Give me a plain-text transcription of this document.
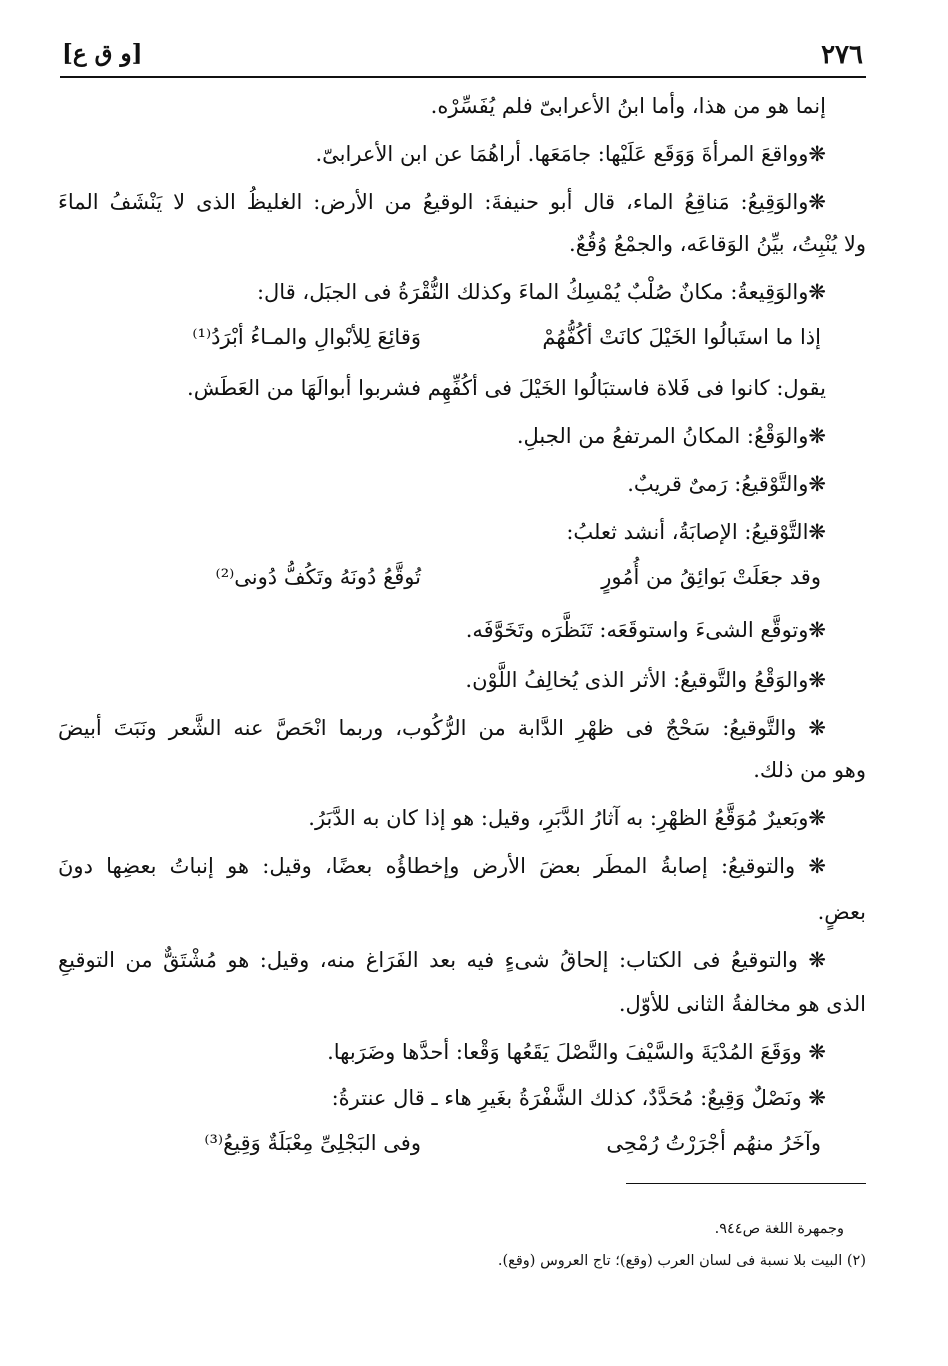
٢٧٦
[و ق ع]
إنما هو من هذا، وأما ابنُ الأعرابىّ فلم يُفَسِّرْه.
❋وواقعَ المرأةَ وَوَقَع عَلَيْها: جامَعَها. أراهُمَا عن ابن الأعرابىّ.
❋والوَقِيعُ: مَناقِعُ الماء، قال أبو حنيفةَ: الوقيعُ من الأرض: الغليظُ الذى لا يَنْشَفُ الماءَ
ولا يُنْبِتُ، بيِّنُ الوَقاعَه، والجمْعُ وُقُعٌ.
❋والوَقِيعةُ: مكانٌ صُلْبٌ يُمْسِكُ الماءَ وكذلك النُّقْرَةُ فى الجبَل، قال:
إذا ما استَبالُوا الخَيْلَ كانَتْ أكُفُّهُمْ
وَقائِعَ لِلأبْوالِ والمـاءُ أبْرَدُ⁽¹⁾
يقول: كانوا فى فَلاة فاستبَالُوا الخَيْلَ فى أكُفِّهِم فشربوا أبوالَهَا من العَطَش.
❋والوَقْعُ: المكانُ المرتفعُ من الجبلِ.
❋والتَّوْقيعُ: رَمىٌ قريبٌ.
❋التَّوْقيعُ: الإصابَةُ، أنشد ثعلبُ:
وقد جعَلَتْ بَوائِقُ من أُمُورٍ
تُوقَّعُ دُونَهُ وتَكُفُّ دُونى⁽²⁾
❋وتوقَّع الشىءَ واستوقَعَه: تَنَظَّرَه وتَخَوَّفَه.
❋والوَقْعُ والتَّوقيعُ: الأثر الذى يُخالِفُ اللَّوْن.
❋ والتَّوقيعُ: سَحْجٌ فى ظهْرِ الدَّابة من الرُّكُوب، وربما انْحَصَّ عنه الشَّعر ونَبَتَ أبيضَ
وهو من ذلك.
❋وبَعيرٌ مُوَقَّعُ الظهْرِ: به آثارُ الدَّبَرِ، وقيل: هو إذا كان به الدَّبَرُ.
❋ والتوقيعُ: إصابةُ المطَر بعضَ الأرض وإخطاؤُه بعضًا، وقيل: هو إنباتُ بعضِها دونَ
بعضٍ.
❋ والتوقيعُ فى الكتاب: إلحاقُ شىءٍ فيه بعد الفَرَاغ منه، وقيل: هو مُشْتَقٌّ من التوقيعِ
الذى هو مخالفةُ الثانى للأوّل.
❋ ووَقَعَ المُدْيَةَ والسَّيْفَ والنَّصْلَ يَقَعُها وَقْعا: أحدَّها وضَرَبها.
❋ ونَصْلٌ وَقِيعٌ: مُحَدَّدٌ، كذلك الشَّفْرَةُ بغَيرِ هاء ـ قال عنترةُ:
وآخَرُ منهُم أجْرَرْتُ رُمْحِى
وفى البَجْلِىِّ مِعْبَلَةٌ وَقِيعُ⁽³⁾
وجمهرة اللغة ص٩٤٤.
(٢) البيت بلا نسبة فى لسان العرب (وقع)؛ تاج العروس (وقع).
